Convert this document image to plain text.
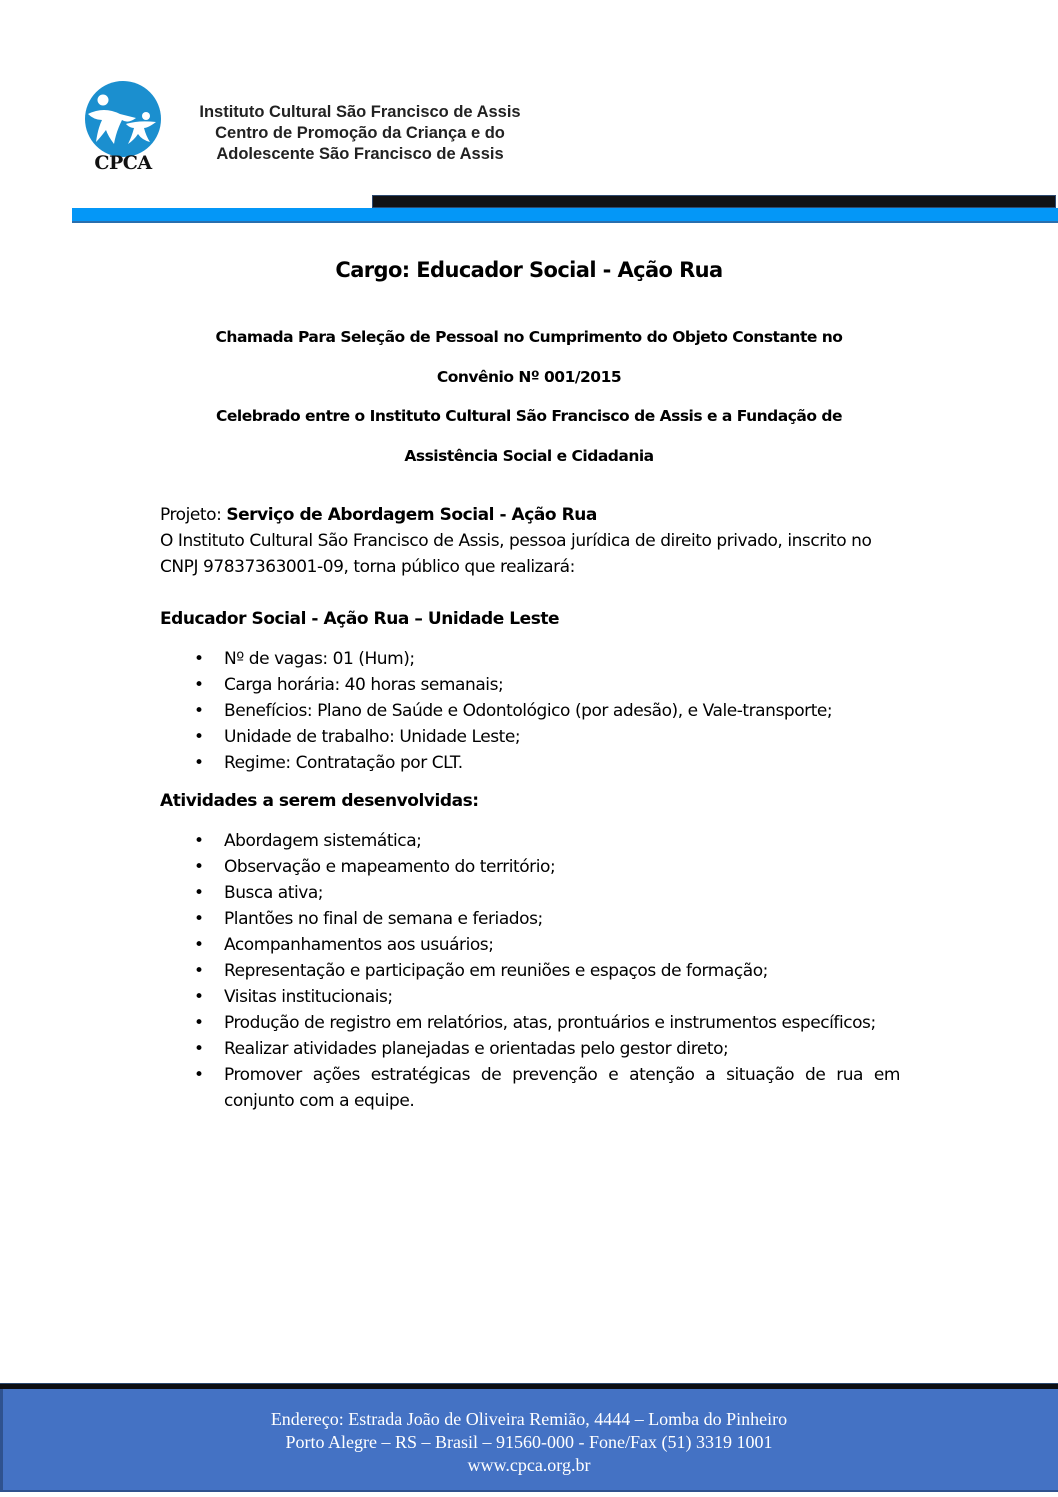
CPCA
Instituto Cultural São Francisco de Assis
Centro de Promoção da Criança e do
Adolescente São Francisco de Assis
Cargo: Educador Social - Ação Rua
Chamada Para Seleção de Pessoal no Cumprimento do Objeto Constante no
Convênio Nº 001/2015
Celebrado entre o Instituto Cultural São Francisco de Assis e a Fundação de
Assistência Social e Cidadania

Projeto: Serviço de Abordagem Social - Ação Rua

O Instituto Cultural São Francisco de Assis, pessoa jurídica de direito privado, inscrito no CNPJ 97837363001-09, torna público que realizará:

Educador Social - Ação Rua – Unidade Leste

• Nº de vagas: 01 (Hum);
• Carga horária: 40 horas semanais;
• Benefícios: Plano de Saúde e Odontológico (por adesão), e Vale-transporte;
• Unidade de trabalho: Unidade Leste;
• Regime: Contratação por CLT.

Atividades a serem desenvolvidas:

• Abordagem sistemática;
• Observação e mapeamento do território;
• Busca ativa;
• Plantões no final de semana e feriados;
• Acompanhamentos aos usuários;
• Representação e participação em reuniões e espaços de formação;
• Visitas institucionais;
• Produção de registro em relatórios, atas, prontuários e instrumentos específicos;
• Realizar atividades planejadas e orientadas pelo gestor direto;
• Promover ações estratégicas de prevenção e atenção a situação de rua em conjunto com a equipe.
Endereço: Estrada João de Oliveira Remião, 4444 – Lomba do Pinheiro
Porto Alegre – RS – Brasil – 91560-000 - Fone/Fax (51) 3319 1001
www.cpca.org.br
